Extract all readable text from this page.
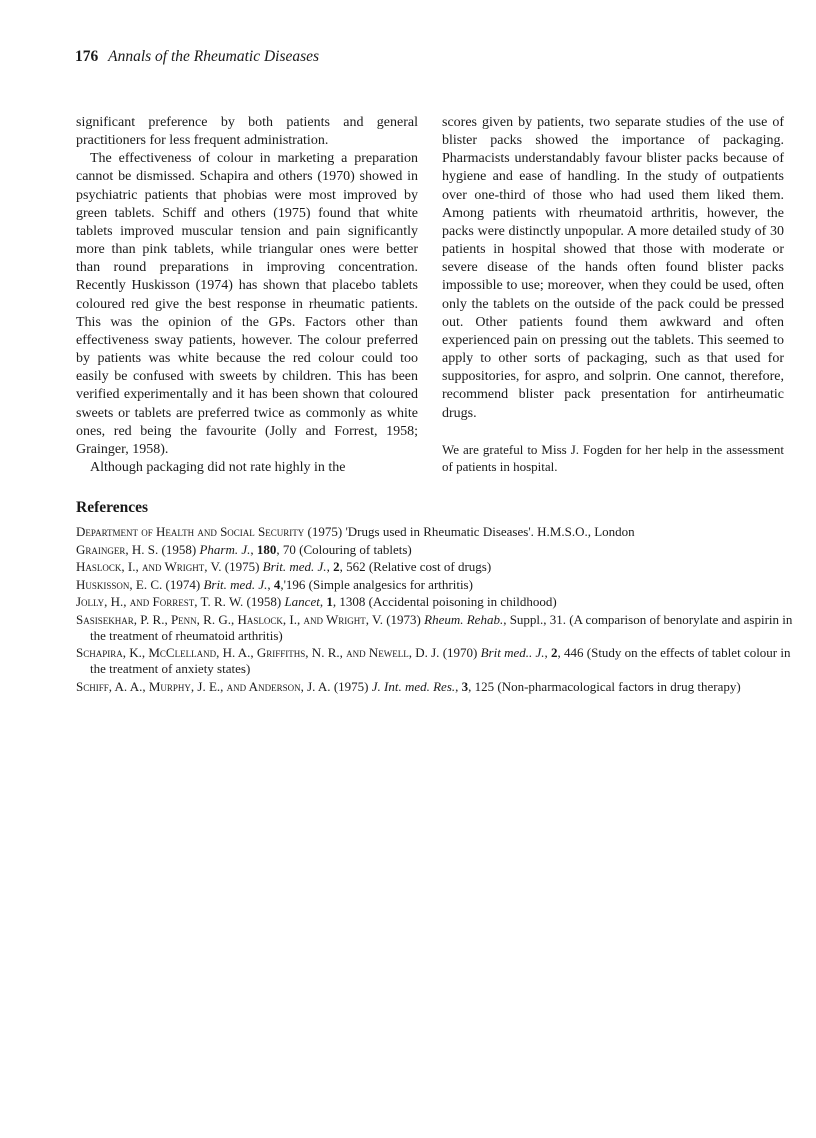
176 Annals of the Rheumatic Diseases

significant preference by both patients and general practitioners for less frequent administration.

The effectiveness of colour in marketing a preparation cannot be dismissed. Schapira and others (1970) showed in psychiatric patients that phobias were most improved by green tablets. Schiff and others (1975) found that white tablets improved muscular tension and pain significantly more than pink tablets, while triangular ones were better than round preparations in improving concentration. Recently Huskisson (1974) has shown that placebo tablets coloured red give the best response in rheumatic patients. This was the opinion of the GPs. Factors other than effectiveness sway patients, however. The colour preferred by patients was white because the red colour could too easily be confused with sweets by children. This has been verified experimentally and it has been shown that coloured sweets or tablets are preferred twice as commonly as white ones, red being the favourite (Jolly and Forrest, 1958; Grainger, 1958).

Although packaging did not rate highly in the

scores given by patients, two separate studies of the use of blister packs showed the importance of packaging. Pharmacists understandably favour blister packs because of hygiene and ease of handling. In the study of outpatients over one-third of those who had used them liked them. Among patients with rheumatoid arthritis, however, the packs were distinctly unpopular. A more detailed study of 30 patients in hospital showed that those with moderate or severe disease of the hands often found blister packs impossible to use; moreover, when they could be used, often only the tablets on the outside of the pack could be pressed out. Other patients found them awkward and often experienced pain on pressing out the tablets. This seemed to apply to other sorts of packaging, such as that used for suppositories, for aspro, and solprin. One cannot, therefore, recommend blister pack presentation for antirheumatic drugs.

We are grateful to Miss J. Fogden for her help in the assessment of patients in hospital.

References
Department of Health and Social Security (1975) 'Drugs used in Rheumatic Diseases'. H.M.S.O., London
Grainger, H. S. (1958) Pharm. J., 180, 70 (Colouring of tablets)
Haslock, I., and Wright, V. (1975) Brit. med. J., 2, 562 (Relative cost of drugs)
Huskisson, E. C. (1974) Brit. med. J., 4,'196 (Simple analgesics for arthritis)
Jolly, H., and Forrest, T. R. W. (1958) Lancet, 1, 1308 (Accidental poisoning in childhood)
Sasisekhar, P. R., Penn, R. G., Haslock, I., and Wright, V. (1973) Rheum. Rehab., Suppl., 31. (A comparison of benorylate and aspirin in the treatment of rheumatoid arthritis)
Schapira, K., McClelland, H. A., Griffiths, N. R., and Newell, D. J. (1970) Brit med.. J., 2, 446 (Study on the effects of tablet colour in the treatment of anxiety states)
Schiff, A. A., Murphy, J. E., and Anderson, J. A. (1975) J. Int. med. Res., 3, 125 (Non-pharmacological factors in drug therapy)
